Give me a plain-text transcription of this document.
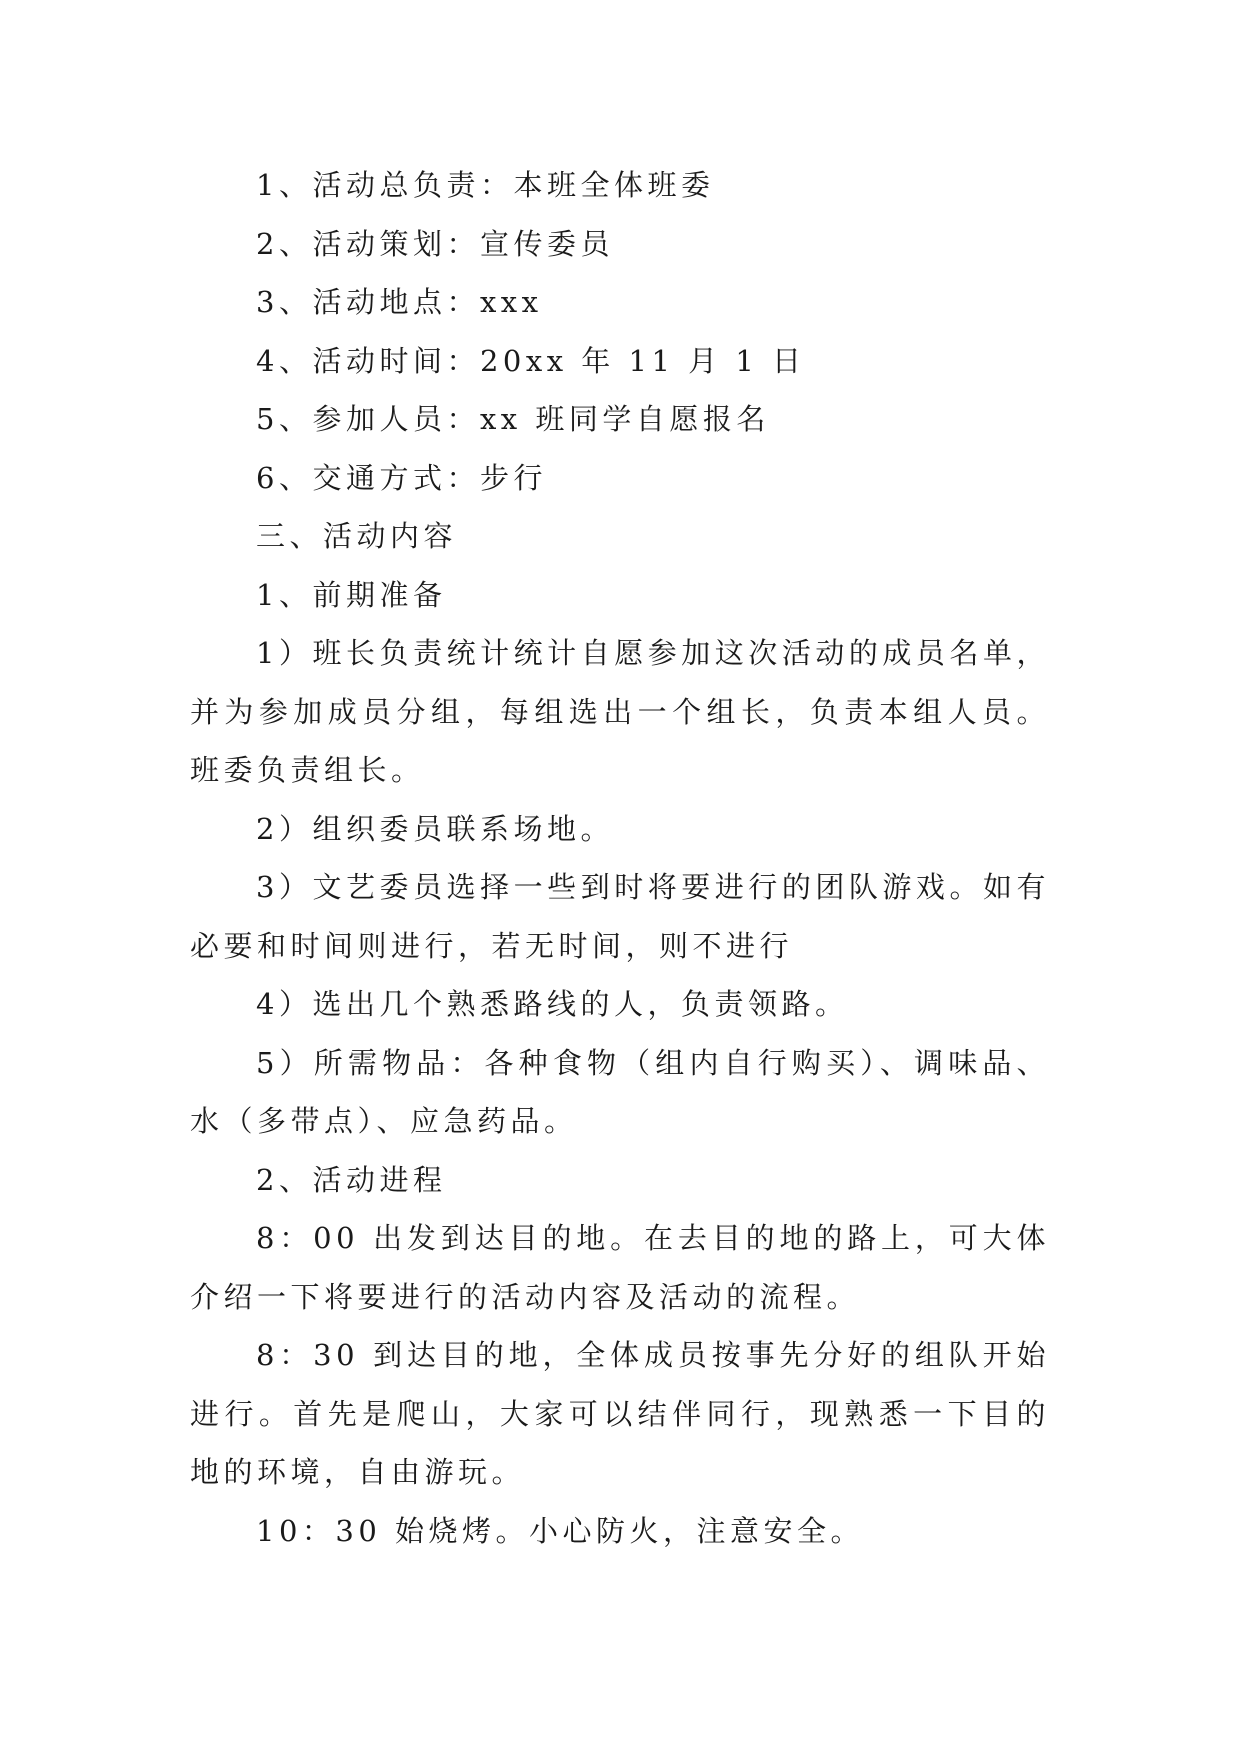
1、活动总负责：本班全体班委

2、活动策划：宣传委员

3、活动地点：xxx

4、活动时间：20xx 年 11 月 1 日

5、参加人员：xx 班同学自愿报名

6、交通方式：步行

三、活动内容

1、前期准备

1）班长负责统计统计自愿参加这次活动的成员名单，并为参加成员分组，每组选出一个组长，负责本组人员。班委负责组长。

2）组织委员联系场地。

3）文艺委员选择一些到时将要进行的团队游戏。如有必要和时间则进行，若无时间，则不进行

4）选出几个熟悉路线的人，负责领路。

5）所需物品：各种食物（组内自行购买）、调味品、水（多带点）、应急药品。

2、活动进程

8：00 出发到达目的地。在去目的地的路上，可大体介绍一下将要进行的活动内容及活动的流程。

8：30 到达目的地，全体成员按事先分好的组队开始进行。首先是爬山，大家可以结伴同行，现熟悉一下目的地的环境，自由游玩。

10：30 始烧烤。小心防火，注意安全。
